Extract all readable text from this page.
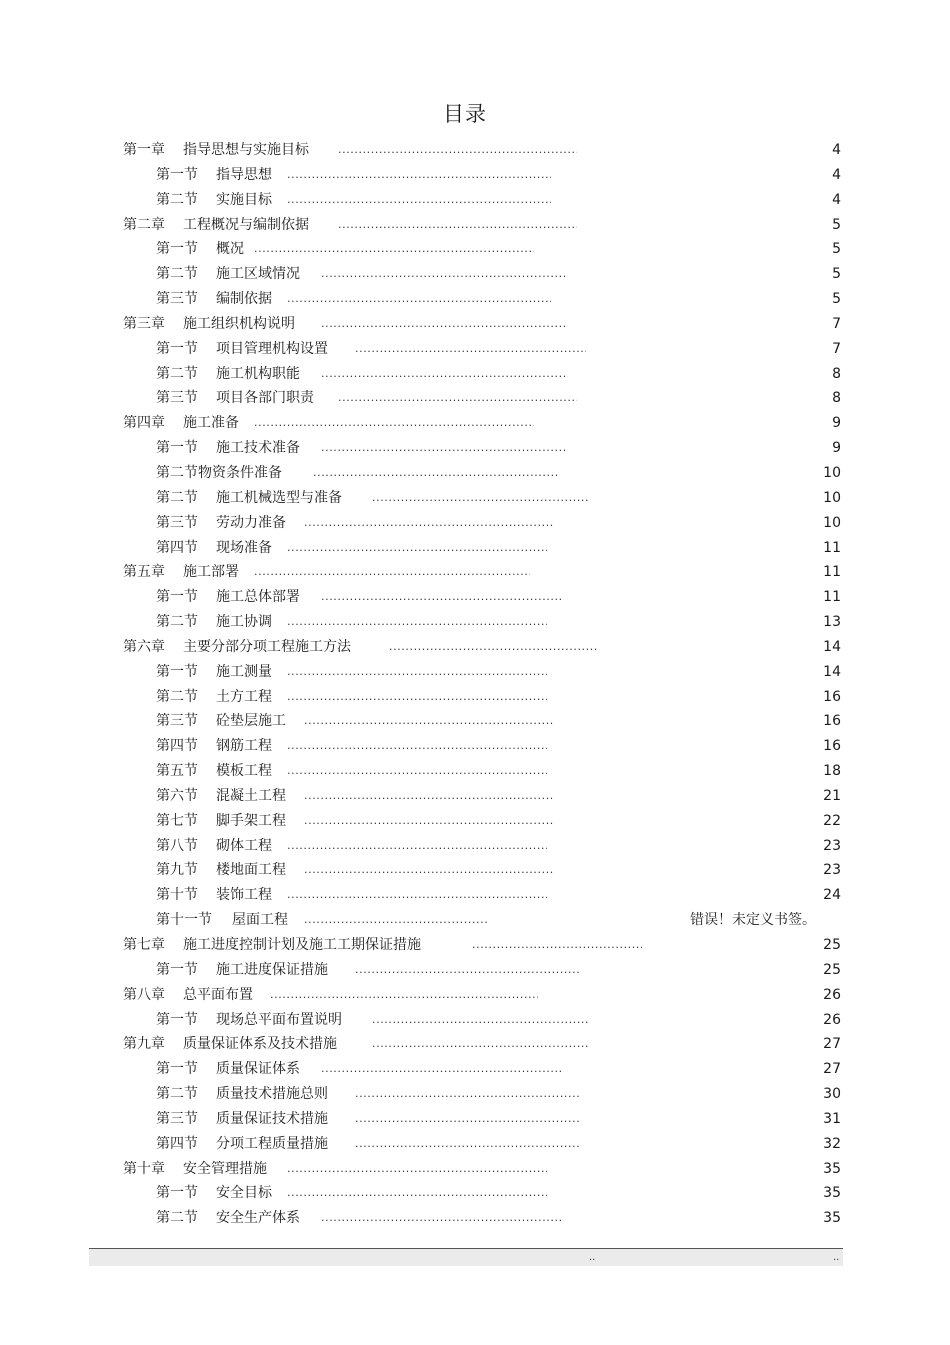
目录
第一章 指导思想与实施目标 .....	4
第一节 指导思想 .....	4
第二节 实施目标 .....	4
第二章 工程概况与编制依据 .....	5
第一节 概况 .....	5
第二节 施工区域情况 .....	5
第三节 编制依据 .....	5
第三章 施工组织机构说明 .....	7
第一节 项目管理机构设置 .....	7
第二节 施工机构职能 .....	8
第三节 项目各部门职责 .....	8
第四章 施工准备 .....	9
第一节 施工技术准备 .....	9
第二节物资条件准备 .....	10
第二节 施工机械选型与准备 .....	10
第三节 劳动力准备 .....	10
第四节 现场准备 .....	11
第五章 施工部署 .....	11
第一节 施工总体部署 .....	11
第二节 施工协调 .....	13
第六章 主要分部分项工程施工方法 .....	14
第一节 施工测量 .....	14
第二节 土方工程 .....	16
第三节 砼垫层施工 .....	16
第四节 钢筋工程 .....	16
第五节 模板工程 .....	18
第六节 混凝土工程 .....	21
第七节 脚手架工程 .....	22
第八节 砌体工程 .....	23
第九节 楼地面工程 .....	23
第十节 装饰工程 .....	24
第十一节 屋面工程 .....	错误！未定义书签。
第七章 施工进度控制计划及施工工期保证措施 .....	25
第一节 施工进度保证措施 .....	25
第八章 总平面布置 .....	26
第一节 现场总平面布置说明 .....	26
第九章 质量保证体系及技术措施 .....	27
第一节 质量保证体系 .....	27
第二节 质量技术措施总则 .....	30
第三节 质量保证技术措施 .....	31
第四节 分项工程质量措施 .....	32
第十章 安全管理措施 .....	35
第一节 安全目标 .....	35
第二节 安全生产体系 .....	35
..	..
